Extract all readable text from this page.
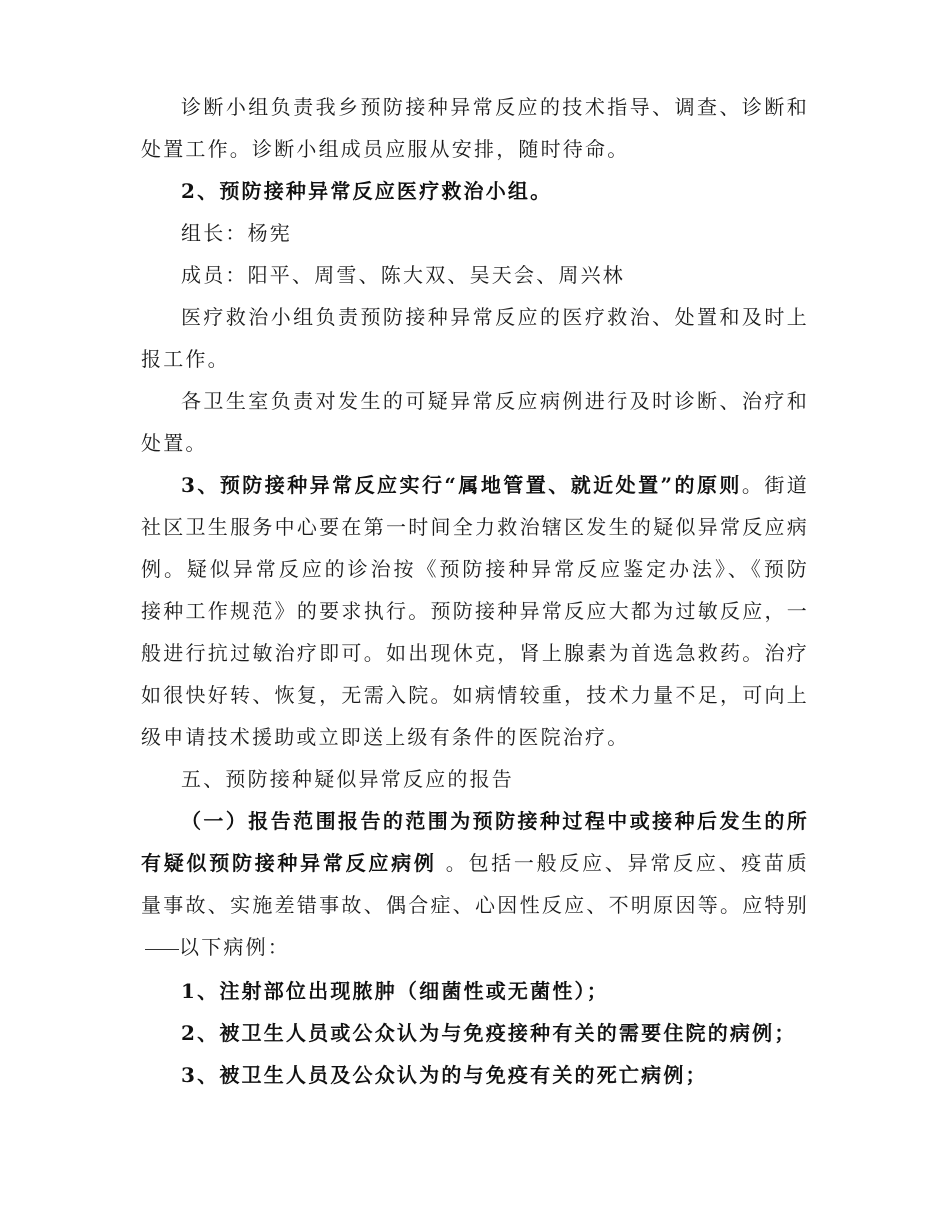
诊断小组负责我乡预防接种异常反应的技术指导、调查、诊断和处置工作。诊断小组成员应服从安排，随时待命。

2、预防接种异常反应医疗救治小组。

组长：杨宪

成员：阳平、周雪、陈大双、吴天会、周兴林

医疗救治小组负责预防接种异常反应的医疗救治、处置和及时上报工作。

各卫生室负责对发生的可疑异常反应病例进行及时诊断、治疗和处置。

3、预防接种异常反应实行“属地管置、就近处置”的原则。街道社区卫生服务中心要在第一时间全力救治辖区发生的疑似异常反应病例。疑似异常反应的诊治按《预防接种异常反应鉴定办法》、《预防接种工作规范》的要求执行。预防接种异常反应大都为过敏反应，一般进行抗过敏治疗即可。如出现休克，肾上腺素为首选急救药。治疗如很快好转、恢复，无需入院。如病情较重，技术力量不足，可向上级申请技术援助或立即送上级有条件的医院治疗。

五、预防接种疑似异常反应的报告

（一）报告范围报告的范围为预防接种过程中或接种后发生的所有疑似预防接种异常反应病例 。包括一般反应、异常反应、疫苗质量事故、实施差错事故、偶合症、心因性反应、不明原因等。应特别以下病例：

1、注射部位出现脓肿（细菌性或无菌性）；

2、被卫生人员或公众认为与免疫接种有关的需要住院的病例；

3、被卫生人员及公众认为的与免疫有关的死亡病例；
